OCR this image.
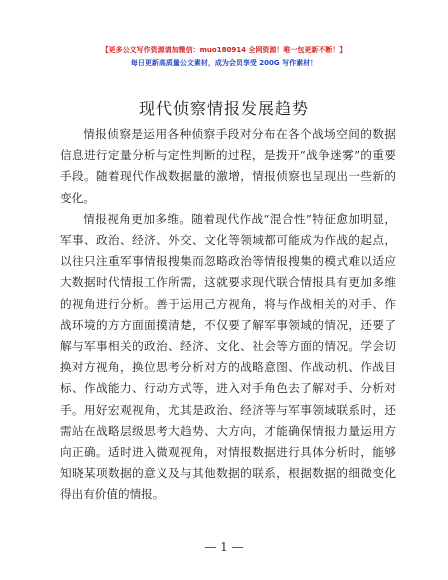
【更多公文写作资源请加微信：muo180914 全网资源！唯一包更新不断！】
每日更新高质量公文素材，成为会员享受 200G 写作素材！
现代侦察情报发展趋势

情报侦察是运用各种侦察手段对分布在各个战场空间的数据信息进行定量分析与定性判断的过程，是拨开“战争迷雾”的重要手段。随着现代作战数据量的激增，情报侦察也呈现出一些新的变化。

情报视角更加多维。随着现代作战“混合性”特征愈加明显，军事、政治、经济、外交、文化等领域都可能成为作战的起点，以往只注重军事情报搜集而忽略政治等情报搜集的模式难以适应大数据时代情报工作所需，这就要求现代联合情报具有更加多维的视角进行分析。善于运用己方视角，将与作战相关的对手、作战环境的方方面面摸清楚，不仅要了解军事领域的情况，还要了解与军事相关的政治、经济、文化、社会等方面的情况。学会切换对方视角，换位思考分析对方的战略意图、作战动机、作战目标、作战能力、行动方式等，进入对手角色去了解对手、分析对手。用好宏观视角，尤其是政治、经济等与军事领域联系时，还需站在战略层级思考大趋势、大方向，才能确保情报力量运用方向正确。适时进入微观视角，对情报数据进行具体分析时，能够知晓某项数据的意义及与其他数据的联系，根据数据的细微变化得出有价值的情报。

— 1 —
